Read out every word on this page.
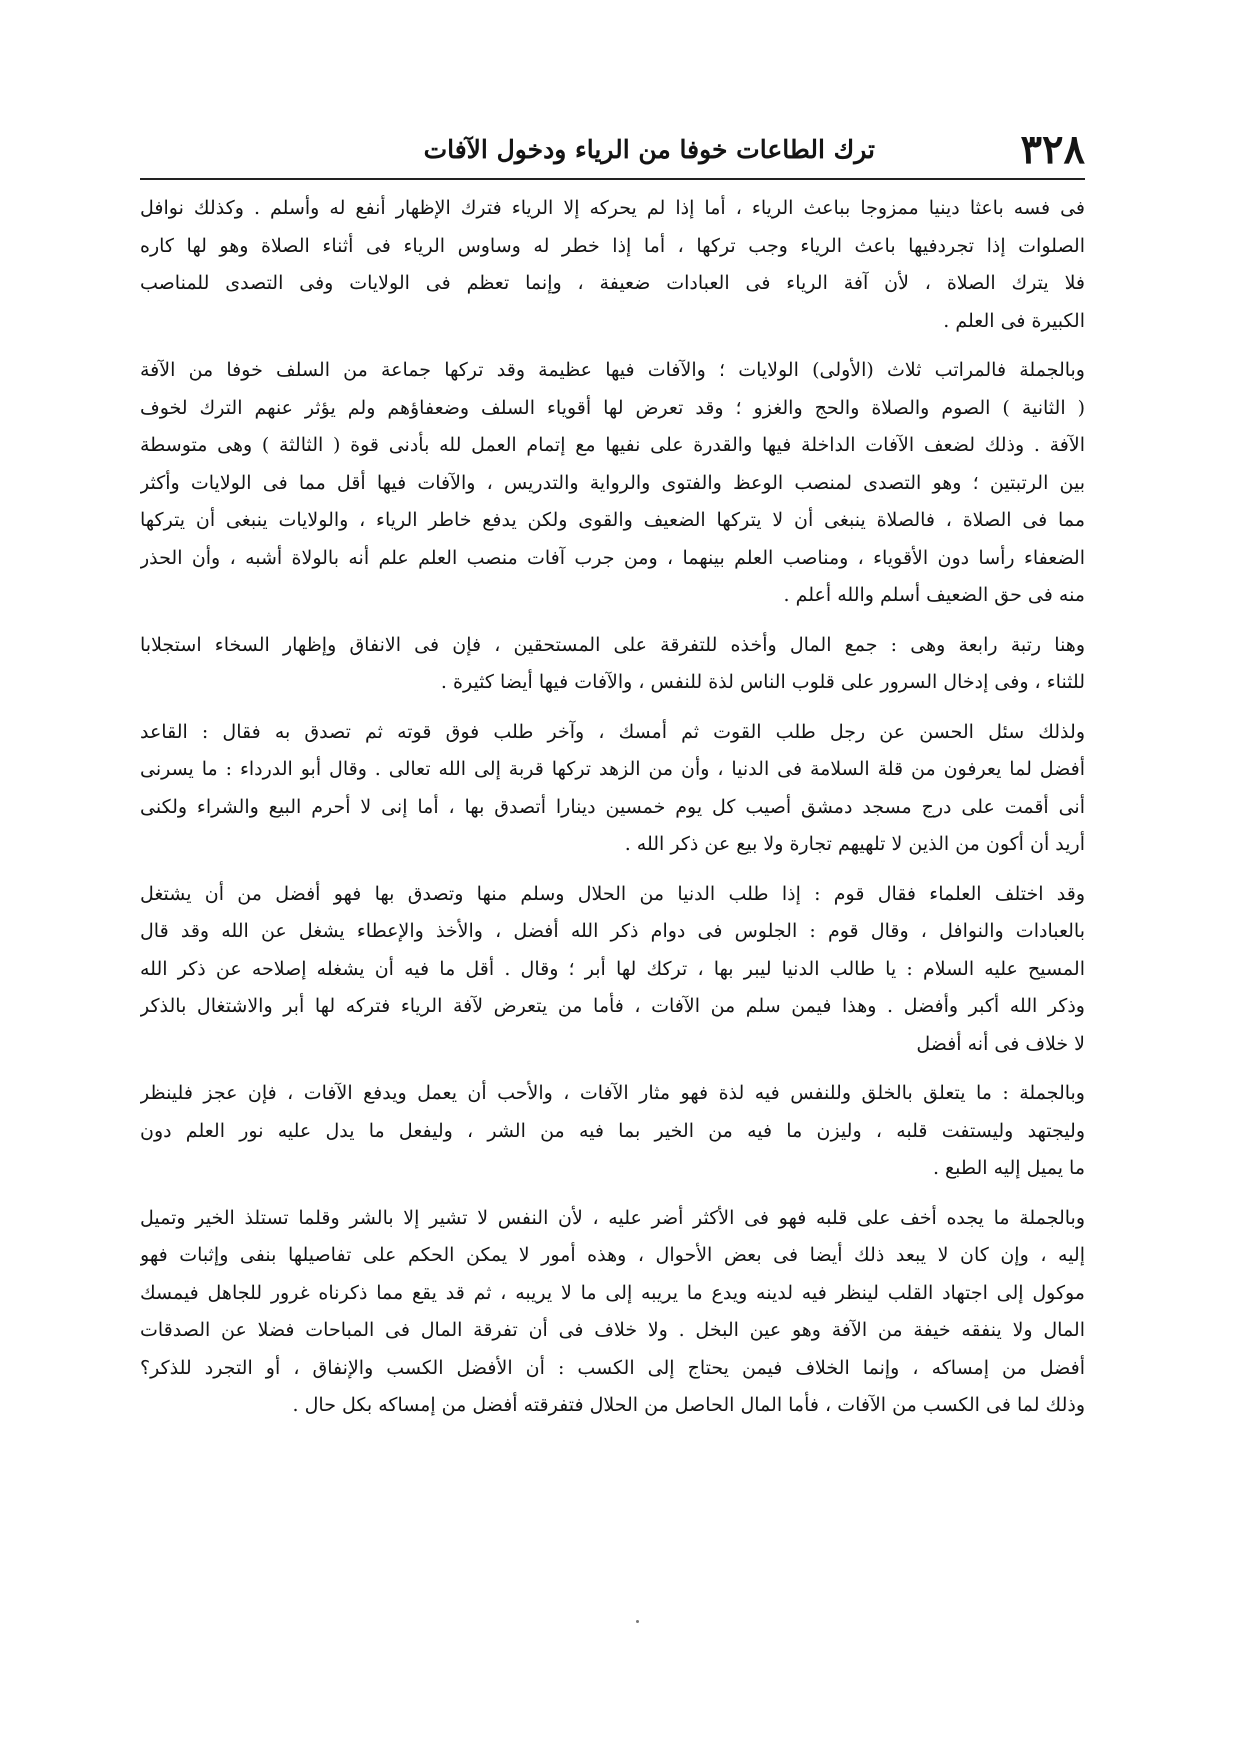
٣٢٨
ترك الطاعات خوفا من الرياء ودخول الآفات
فى فسه باعثا دينيا ممزوجا بباعث الرياء ، أما إذا لم يحركه إلا الرياء فترك الإظهار أنفع له وأسلم . وكذلك نوافل
الصلوات إذا تجردفيها باعث الرياء وجب تركها ، أما إذا خطر له وساوس الرياء فى أثناء الصلاة وهو لها كاره
فلا يترك الصلاة ، لأن آفة الرياء فى العبادات ضعيفة ، وإنما تعظم فى الولايات وفى التصدى للمناصب
الكبيرة فى العلم .
وبالجملة فالمراتب ثلاث (الأولى) الولايات ؛ والآفات فيها عظيمة وقد تركها جماعة من السلف خوفا من الآفة
( الثانية ) الصوم والصلاة والحج والغزو ؛ وقد تعرض لها أقوياء السلف وضعفاؤهم ولم يؤثر عنهم الترك لخوف
الآفة . وذلك لضعف الآفات الداخلة فيها والقدرة على نفيها مع إتمام العمل لله بأدنى قوة ( الثالثة ) وهى متوسطة
بين الرتبتين ؛ وهو التصدى لمنصب الوعظ والفتوى والرواية والتدريس ، والآفات فيها أقل مما فى الولايات وأكثر
مما فى الصلاة ، فالصلاة ينبغى أن لا يتركها الضعيف والقوى ولكن يدفع خاطر الرياء ، والولايات ينبغى أن يتركها
الضعفاء رأسا دون الأقوياء ، ومناصب العلم بينهما ، ومن جرب آفات منصب العلم علم أنه بالولاة أشبه ، وأن الحذر
منه فى حق الضعيف أسلم والله أعلم .
وهنا رتبة رابعة وهى : جمع المال وأخذه للتفرقة على المستحقين ، فإن فى الانفاق وإظهار السخاء استجلابا
للثناء ، وفى إدخال السرور على قلوب الناس لذة للنفس ، والآفات فيها أيضا كثيرة .
ولذلك سئل الحسن عن رجل طلب القوت ثم أمسك ، وآخر طلب فوق قوته ثم تصدق به فقال : القاعد
أفضل لما يعرفون من قلة السلامة فى الدنيا ، وأن من الزهد تركها قربة إلى الله تعالى . وقال أبو الدرداء : ما يسرنى
أنى أقمت على درج مسجد دمشق أصيب كل يوم خمسين دينارا أتصدق بها ، أما إنى لا أحرم البيع والشراء ولكنى
أريد أن أكون من الذين لا تلهيهم تجارة ولا بيع عن ذكر الله .
وقد اختلف العلماء فقال قوم : إذا طلب الدنيا من الحلال وسلم منها وتصدق بها فهو أفضل من أن يشتغل
بالعبادات والنوافل ، وقال قوم : الجلوس فى دوام ذكر الله أفضل ، والأخذ والإعطاء يشغل عن الله وقد قال
المسيح عليه السلام : يا طالب الدنيا ليبر بها ، تركك لها أبر ؛ وقال . أقل ما فيه أن يشغله إصلاحه عن ذكر الله
وذكر الله أكبر وأفضل . وهذا فيمن سلم من الآفات ، فأما من يتعرض لآفة الرياء فتركه لها أبر والاشتغال بالذكر
لا خلاف فى أنه أفضل
وبالجملة : ما يتعلق بالخلق وللنفس فيه لذة فهو مثار الآفات ، والأحب أن يعمل ويدفع الآفات ، فإن عجز فلينظر
وليجتهد وليستفت قلبه ، وليزن ما فيه من الخير بما فيه من الشر ، وليفعل ما يدل عليه نور العلم دون
ما يميل إليه الطبع .
وبالجملة ما يجده أخف على قلبه فهو فى الأكثر أضر عليه ، لأن النفس لا تشير إلا بالشر وقلما تستلذ الخير وتميل
إليه ، وإن كان لا يبعد ذلك أيضا فى بعض الأحوال ، وهذه أمور لا يمكن الحكم على تفاصيلها بنفى وإثبات فهو
موكول إلى اجتهاد القلب لينظر فيه لدينه ويدع ما يريبه إلى ما لا يريبه ، ثم قد يقع مما ذكرناه غرور للجاهل فيمسك
المال ولا ينفقه خيفة من الآفة وهو عين البخل . ولا خلاف فى أن تفرقة المال فى المباحات فضلا عن الصدقات
أفضل من إمساكه ، وإنما الخلاف فيمن يحتاج إلى الكسب : أن الأفضل الكسب والإنفاق ، أو التجرد للذكر؟
وذلك لما فى الكسب من الآفات ، فأما المال الحاصل من الحلال فتفرقته أفضل من إمساكه بكل حال .
